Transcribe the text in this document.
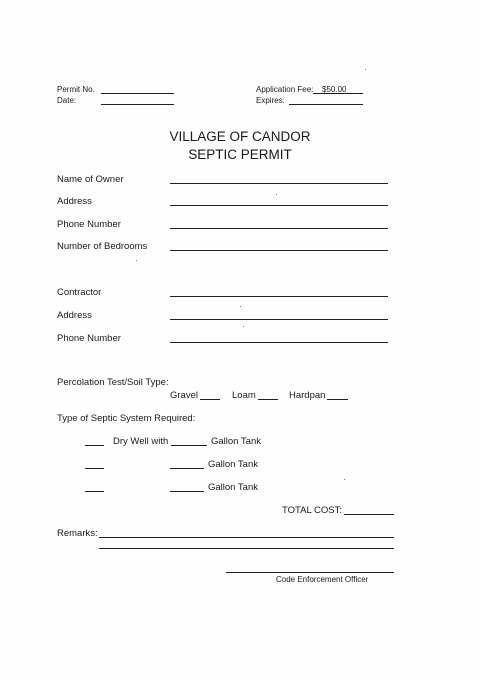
Permit No.
Date:
Application Fee: $50.00
Expires:
VILLAGE OF CANDOR
SEPTIC PERMIT
Name of Owner
Address
Phone Number
Number of Bedrooms
Contractor
Address
Phone Number
Percolation Test/Soil Type:
Gravel	Loam	Hardpan
Type of Septic System Required:
Dry Well with	Gallon Tank
Gallon Tank
Gallon Tank
TOTAL COST:
Remarks:
Code Enforcement Officer
